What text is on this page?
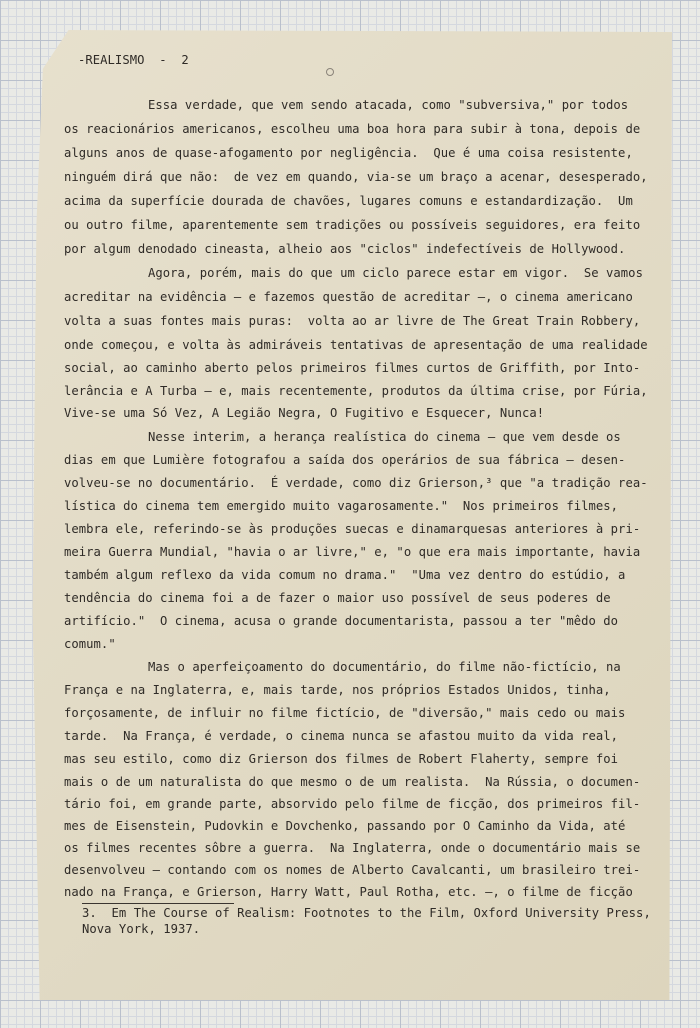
-REALISMO  -  2
Essa verdade, que vem sendo atacada, como "subversiva," por todos
os reacionários americanos, escolheu uma boa hora para subir à tona, depois de
alguns anos de quase-afogamento por negligência.  Que é uma coisa resistente,
ninguém dirá que não:  de vez em quando, via-se um braço a acenar, desesperado,
acima da superfície dourada de chavões, lugares comuns e estandardização.  Um
ou outro filme, aparentemente sem tradições ou possíveis seguidores, era feito
por algum denodado cineasta, alheio aos "ciclos" indefectíveis de Hollywood.
Agora, porém, mais do que um ciclo parece estar em vigor.  Se vamos
acreditar na evidência — e fazemos questão de acreditar —, o cinema americano
volta a suas fontes mais puras:  volta ao ar livre de The Great Train Robbery,
onde começou, e volta às admiráveis tentativas de apresentação de uma realidade
social, ao caminho aberto pelos primeiros filmes curtos de Griffith, por Into-
lerância e A Turba — e, mais recentemente, produtos da última crise, por Fúria,
Vive-se uma Só Vez, A Legião Negra, O Fugitivo e Esquecer, Nunca!
Nesse interim, a herança realística do cinema — que vem desde os
dias em que Lumière fotografou a saída dos operários de sua fábrica — desen-
volveu-se no documentário.  É verdade, como diz Grierson,³ que "a tradição rea-
lística do cinema tem emergido muito vagarosamente."  Nos primeiros filmes,
lembra ele, referindo-se às produções suecas e dinamarquesas anteriores à pri-
meira Guerra Mundial, "havia o ar livre," e, "o que era mais importante, havia
também algum reflexo da vida comum no drama."  "Uma vez dentro do estúdio, a
tendência do cinema foi a de fazer o maior uso possível de seus poderes de
artifício."  O cinema, acusa o grande documentarista, passou a ter "mêdo do
comum."
Mas o aperfeiçoamento do documentário, do filme não-fictício, na
França e na Inglaterra, e, mais tarde, nos próprios Estados Unidos, tinha,
forçosamente, de influir no filme fictício, de "diversão," mais cedo ou mais
tarde.  Na França, é verdade, o cinema nunca se afastou muito da vida real,
mas seu estilo, como diz Grierson dos filmes de Robert Flaherty, sempre foi
mais o de um naturalista do que mesmo o de um realista.  Na Rússia, o documen-
tário foi, em grande parte, absorvido pelo filme de ficção, dos primeiros fil-
mes de Eisenstein, Pudovkin e Dovchenko, passando por O Caminho da Vida, até
os filmes recentes sôbre a guerra.  Na Inglaterra, onde o documentário mais se
desenvolveu — contando com os nomes de Alberto Cavalcanti, um brasileiro trei-
nado na França, e Grierson, Harry Watt, Paul Rotha, etc. —, o filme de ficção
3.  Em The Course of Realism: Footnotes to the Film, Oxford University Press,
Nova York, 1937.
